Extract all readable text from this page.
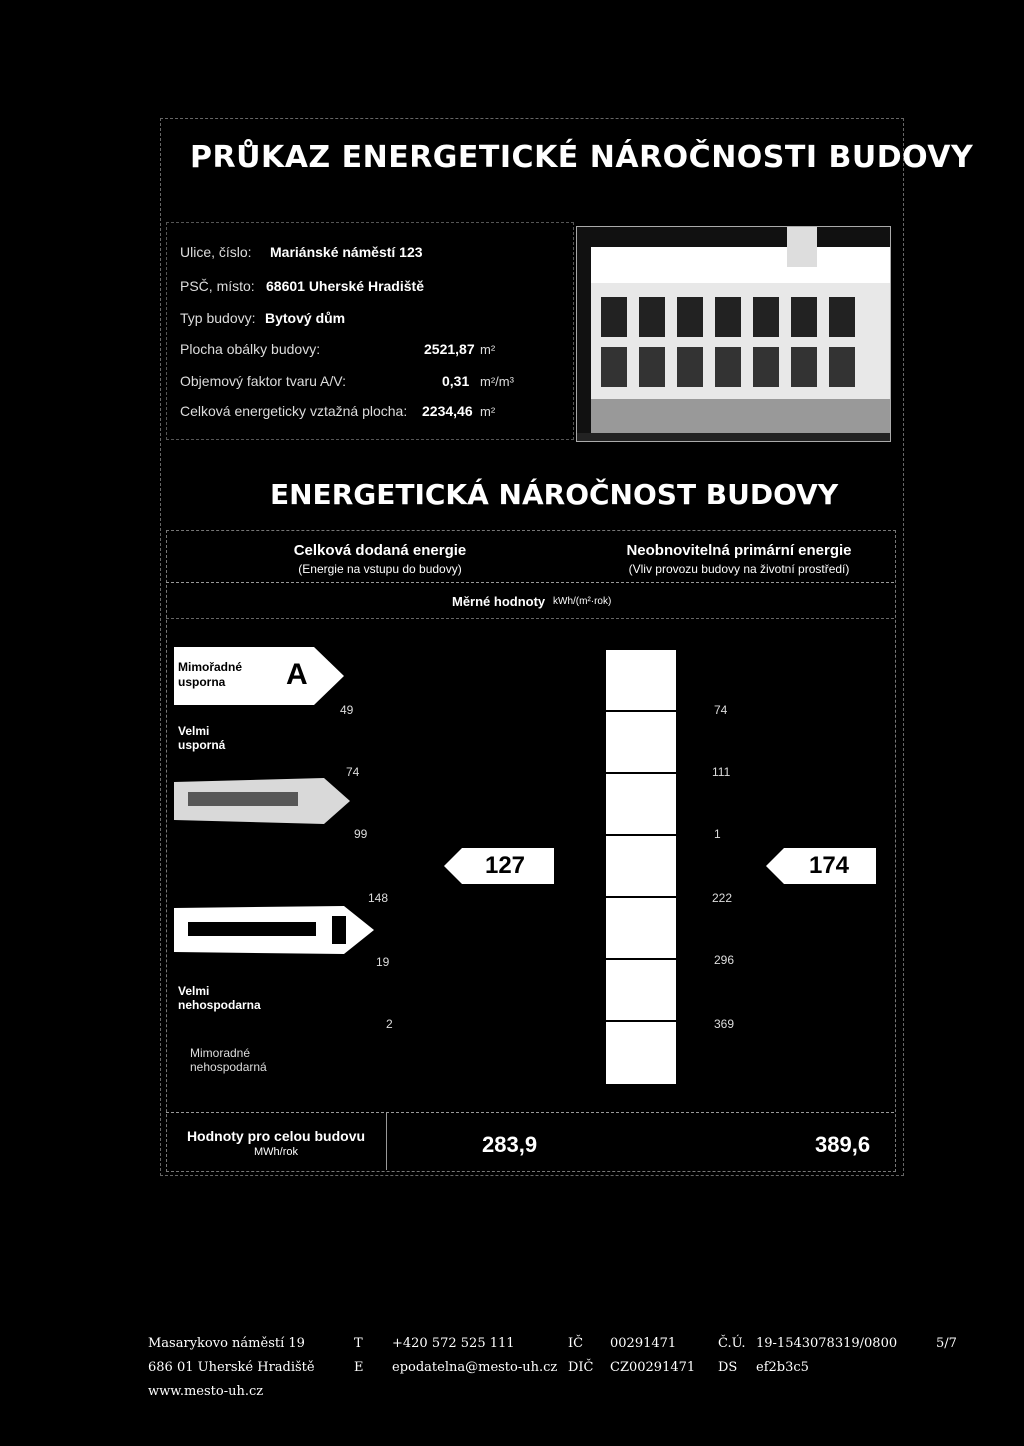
PRŮKAZ ENERGETICKÉ NÁROČNOSTI BUDOVY
Ulice, číslo: Mariánské náměstí 123
PSČ, místo: 68601 Uherské Hradiště
Typ budovy: Bytový dům
Plocha obálky budovy:	2521,87 m²
Objemový faktor tvaru A/V:	0,31 m²/m³
Celková energeticky vztažná plocha: 2234,46 m²
ENERGETICKÁ NÁROČNOST BUDOVY
Celková dodaná energie
(Energie na vstupu do budovy)
Neobnovitelná primární energie
(Vliv provozu budovy na životní prostředí)
Měrné hodnoty kWh/(m²·rok)
Mimořadné
usporna A
Velmi
usporná
Velmi
nehospodarna
Mimoradné
nehospodarná
49
74
99
148
19
2
127
74
111
1
222
296
369
174
Hodnoty pro celou budovu
MWh/rok	283,9	389,6
Masarykovo náměstí 19
686 01 Uherské Hradiště
www.mesto-uh.cz
T +420 572 525 111
E epodatelna@mesto-uh.cz
IČ 00291471
DIČ CZ00291471
Č.Ú. 19-1543078319/0800
DS ef2b3c5
5/7
